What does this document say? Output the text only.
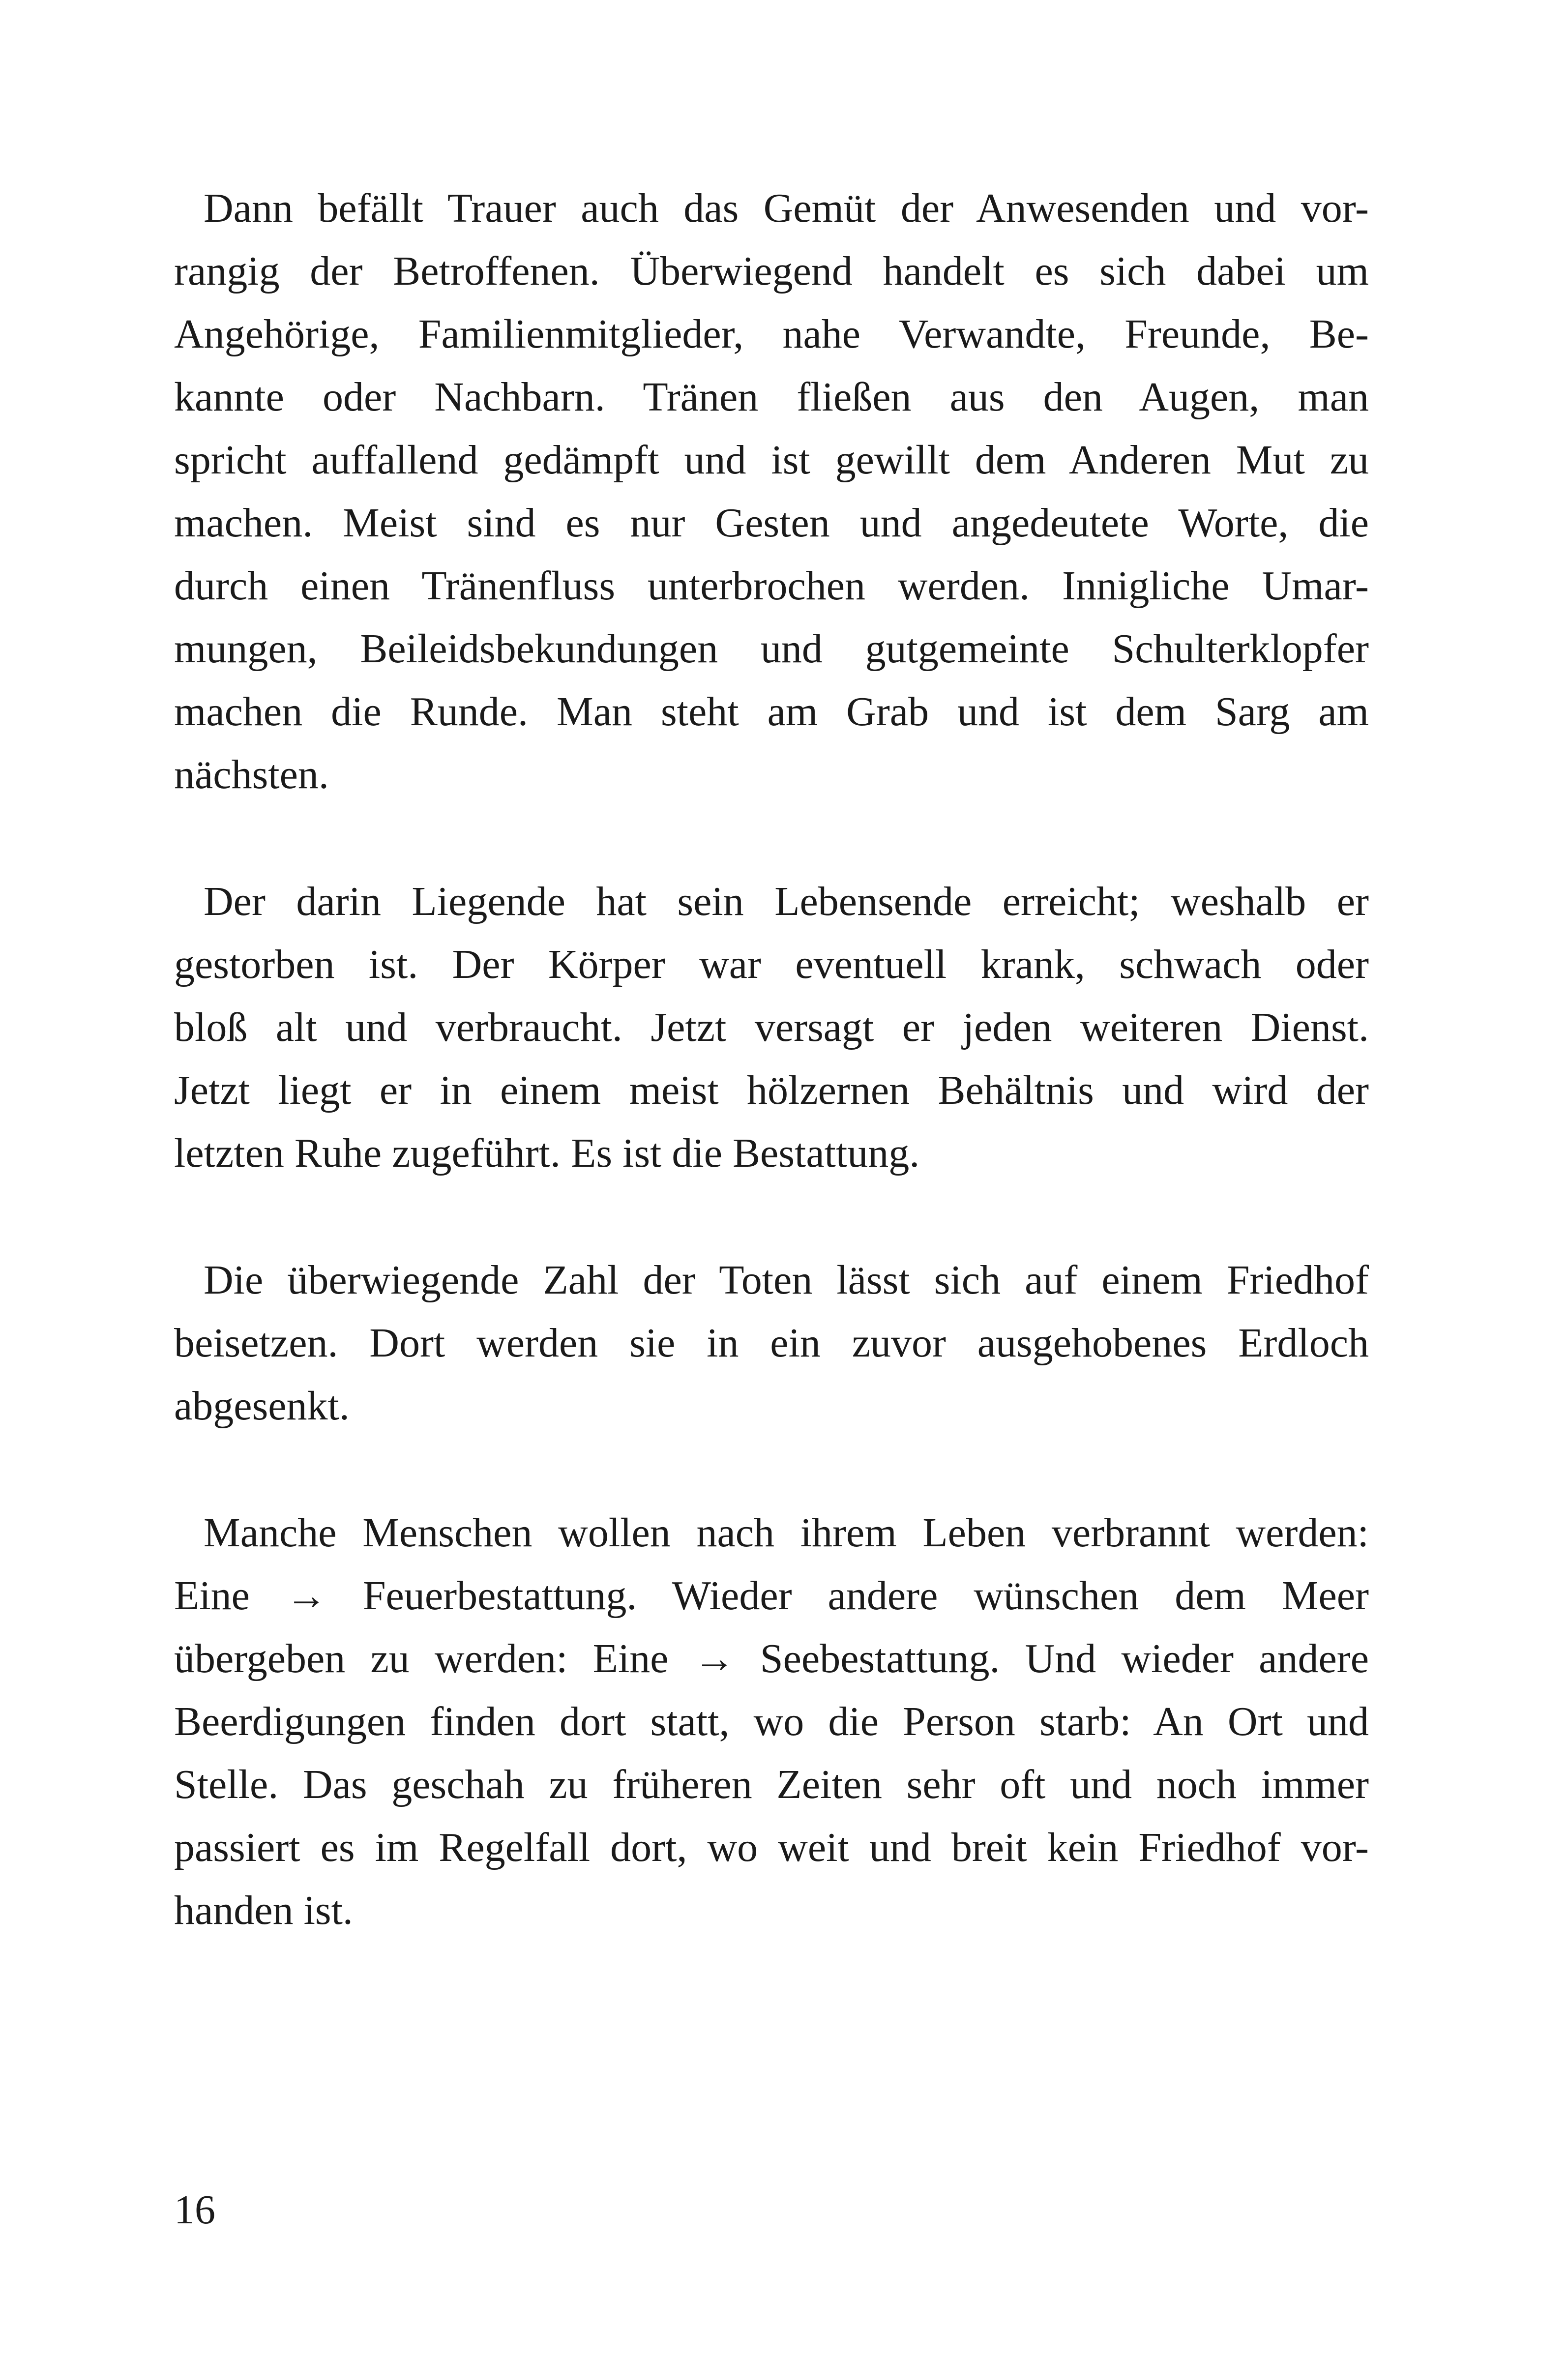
Dann befällt Trauer auch das Gemüt der Anwesenden und vor-
rangig der Betroffenen. Überwiegend handelt es sich dabei um
Angehörige, Familienmitglieder, nahe Verwandte, Freunde, Be-
kannte oder Nachbarn. Tränen fließen aus den Augen, man
spricht auffallend gedämpft und ist gewillt dem Anderen Mut zu
machen. Meist sind es nur Gesten und angedeutete Worte, die
durch einen Tränenfluss unterbrochen werden. Innigliche Umar-
mungen, Beileidsbekundungen und gutgemeinte Schulterklopfer
machen die Runde. Man steht am Grab und ist dem Sarg am
nächsten.

Der darin Liegende hat sein Lebensende erreicht; weshalb er
gestorben ist. Der Körper war eventuell krank, schwach oder
bloß alt und verbraucht. Jetzt versagt er jeden weiteren Dienst.
Jetzt liegt er in einem meist hölzernen Behältnis und wird der
letzten Ruhe zugeführt. Es ist die Bestattung.

Die überwiegende Zahl der Toten lässt sich auf einem Friedhof
beisetzen. Dort werden sie in ein zuvor ausgehobenes Erdloch
abgesenkt.

Manche Menschen wollen nach ihrem Leben verbrannt werden:
Eine → Feuerbestattung. Wieder andere wünschen dem Meer
übergeben zu werden: Eine → Seebestattung. Und wieder andere
Beerdigungen finden dort statt, wo die Person starb: An Ort und
Stelle. Das geschah zu früheren Zeiten sehr oft und noch immer
passiert es im Regelfall dort, wo weit und breit kein Friedhof vor-
handen ist.

16
